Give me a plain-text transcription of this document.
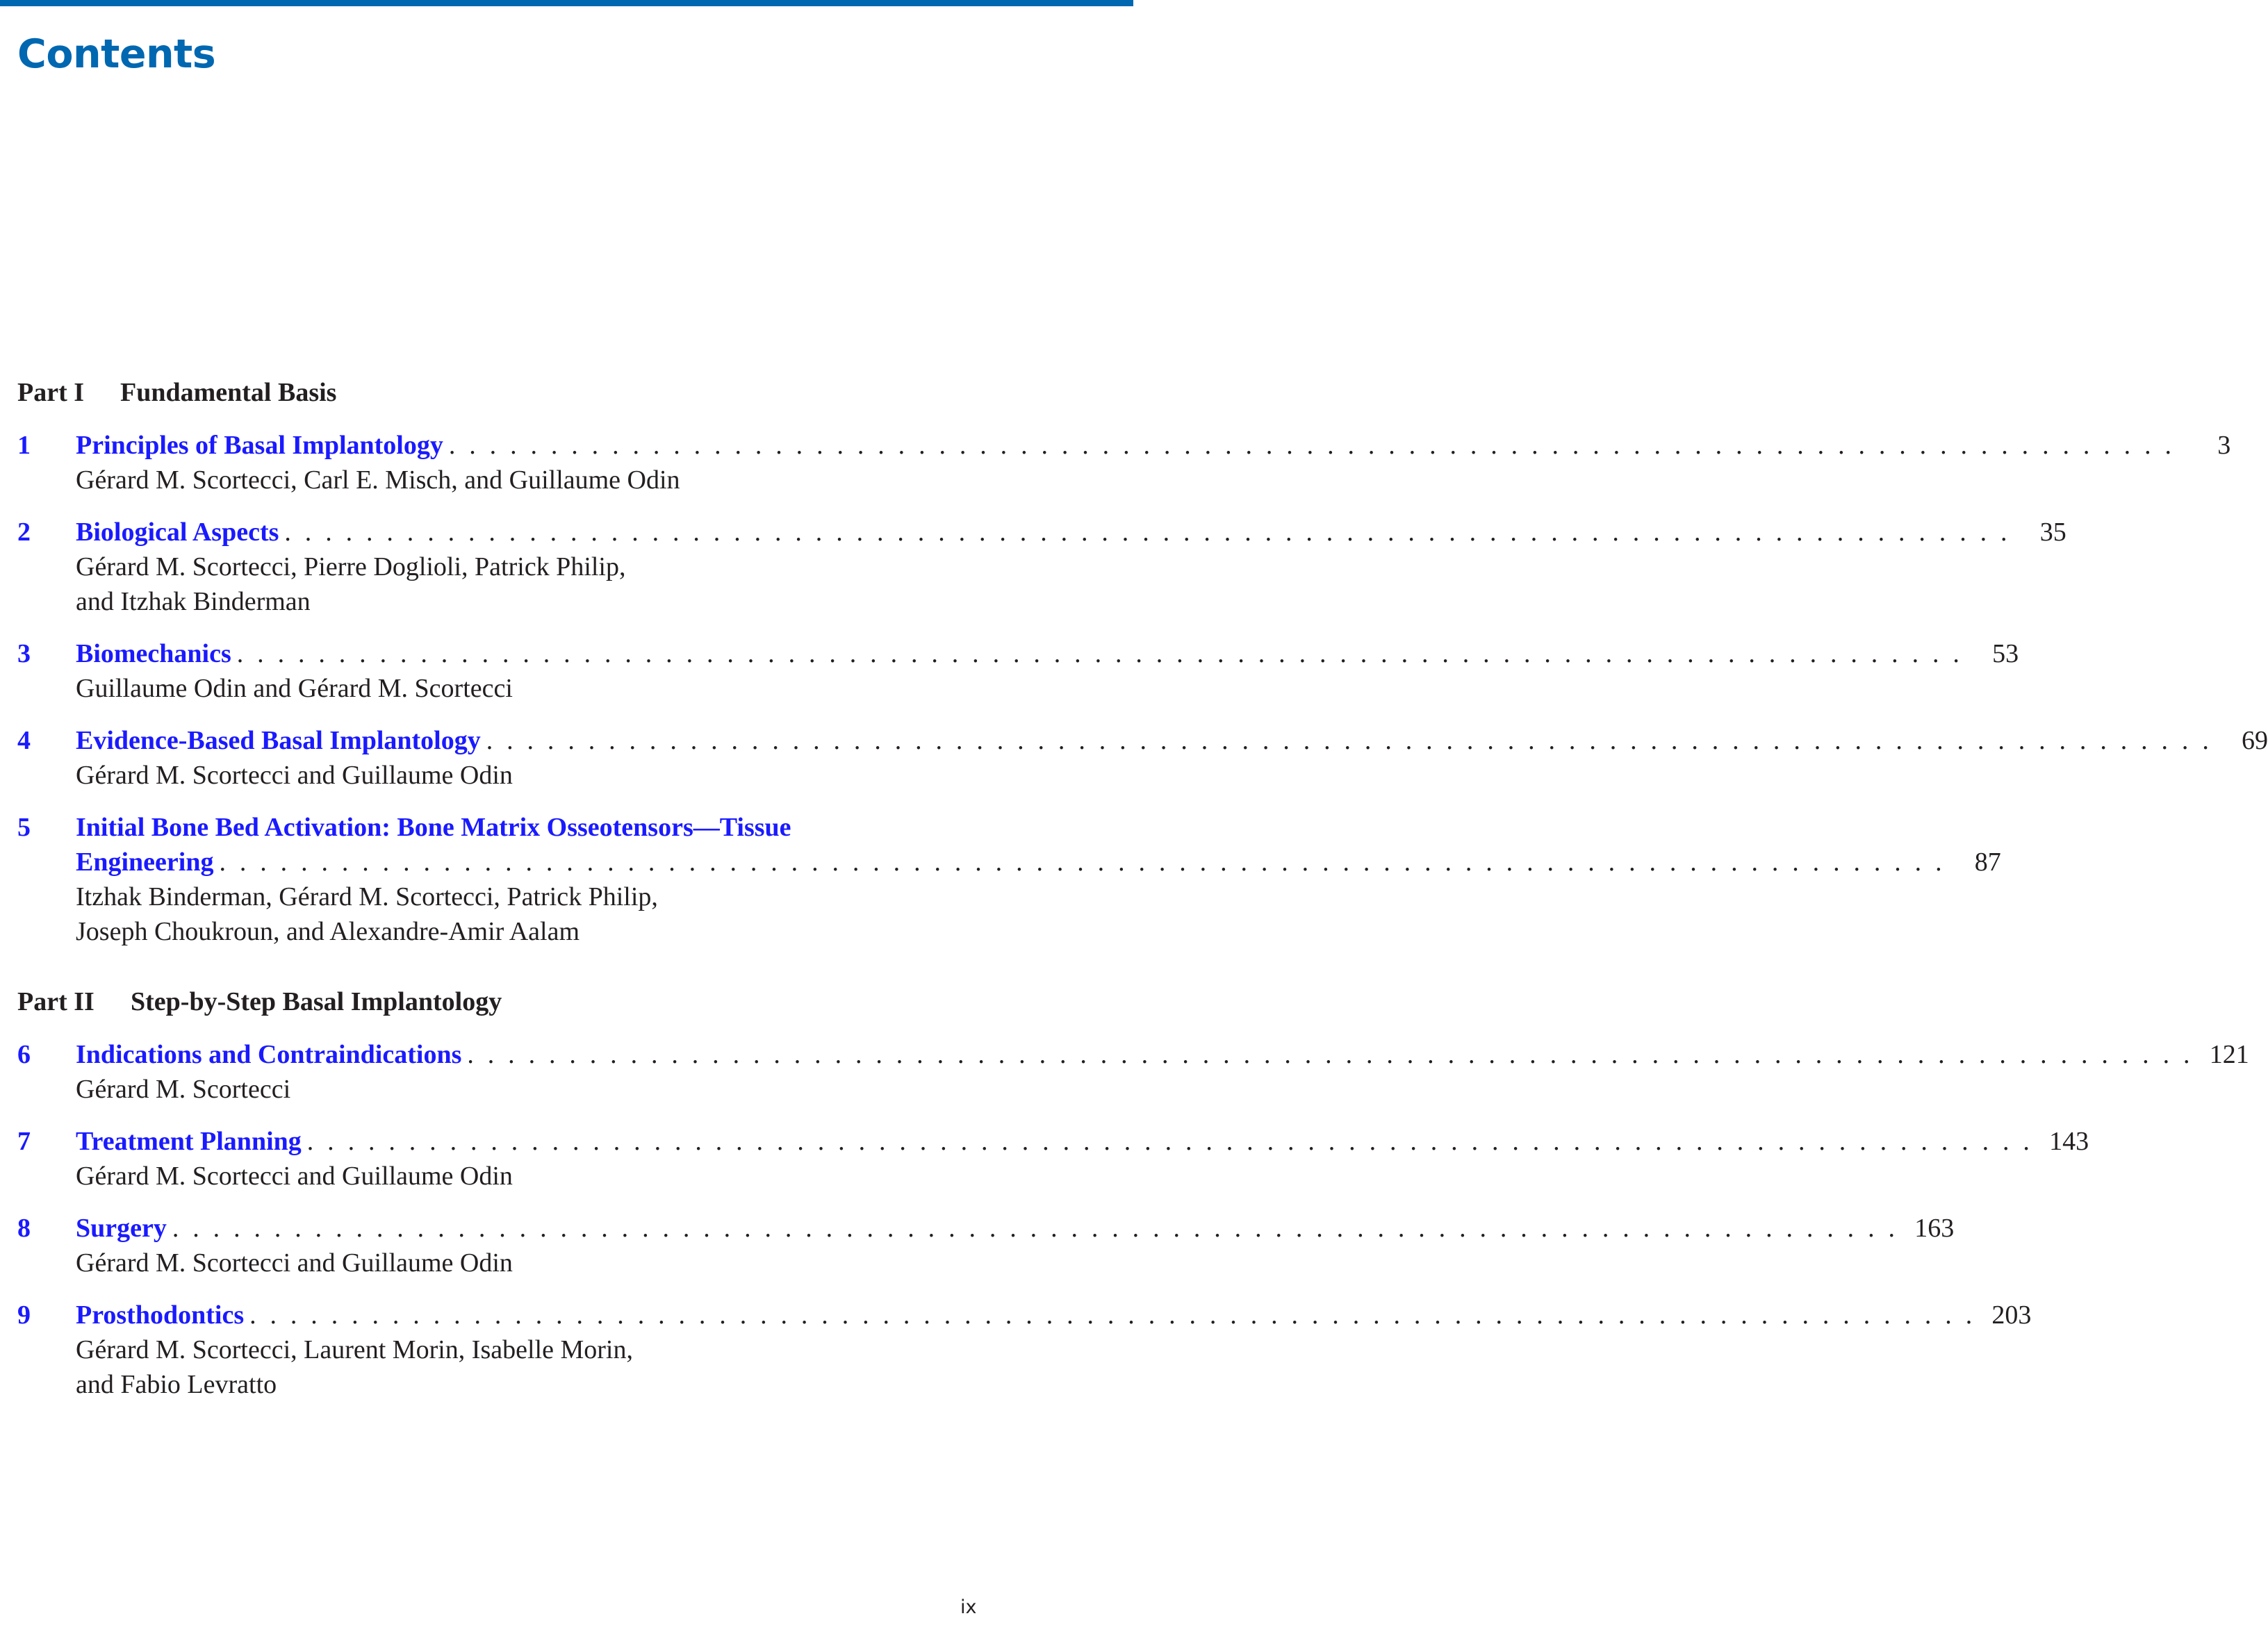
Contents
Part I Fundamental Basis
1 Principles of Basal Implantology . . . . . . . . . . . . . . . . . . . . . . . . . . . . . . . . . . . . . . . . . . . . . . . . . . . . . . . . . . . . . . . . . . . . . . . . . . . . . . . . . . . . .	3
Gérard M. Scortecci, Carl E. Misch, and Guillaume Odin
2 Biological Aspects . . . . . . . . . . . . . . . . . . . . . . . . . . . . . . . . . . . . . . . . . . . . . . . . . . . . . . . . . . . . . . . . . . . . . . . . . . . . . . . . . . . . .	35
Gérard M. Scortecci, Pierre Doglioli, Patrick Philip,
and Itzhak Binderman
3 Biomechanics . . . . . . . . . . . . . . . . . . . . . . . . . . . . . . . . . . . . . . . . . . . . . . . . . . . . . . . . . . . . . . . . . . . . . . . . . . . . . . . . . . . . .	53
Guillaume Odin and Gérard M. Scortecci
4 Evidence-Based Basal Implantology . . . . . . . . . . . . . . . . . . . . . . . . . . . . . . . . . . . . . . . . . . . . . . . . . . . . . . . . . . . . . . . . . . . . . . . . . . . . . . . . . . . . .	69
Gérard M. Scortecci and Guillaume Odin
5 Initial Bone Bed Activation: Bone Matrix Osseotensors—Tissue
Engineering . . . . . . . . . . . . . . . . . . . . . . . . . . . . . . . . . . . . . . . . . . . . . . . . . . . . . . . . . . . . . . . . . . . . . . . . . . . . . . . . . . . . .	87
Itzhak Binderman, Gérard M. Scortecci, Patrick Philip,
Joseph Choukroun, and Alexandre-Amir Aalam
Part II Step-by-Step Basal Implantology
6 Indications and Contraindications . . . . . . . . . . . . . . . . . . . . . . . . . . . . . . . . . . . . . . . . . . . . . . . . . . . . . . . . . . . . . . . . . . . . . . . . . . . . . . . . . . . . . 121
Gérard M. Scortecci
7 Treatment Planning . . . . . . . . . . . . . . . . . . . . . . . . . . . . . . . . . . . . . . . . . . . . . . . . . . . . . . . . . . . . . . . . . . . . . . . . . . . . . . . . . . . . . 143
Gérard M. Scortecci and Guillaume Odin
8 Surgery . . . . . . . . . . . . . . . . . . . . . . . . . . . . . . . . . . . . . . . . . . . . . . . . . . . . . . . . . . . . . . . . . . . . . . . . . . . . . . . . . . . . . 163
Gérard M. Scortecci and Guillaume Odin
9 Prosthodontics . . . . . . . . . . . . . . . . . . . . . . . . . . . . . . . . . . . . . . . . . . . . . . . . . . . . . . . . . . . . . . . . . . . . . . . . . . . . . . . . . . . . . 203
Gérard M. Scortecci, Laurent Morin, Isabelle Morin,
and Fabio Levratto
ix
